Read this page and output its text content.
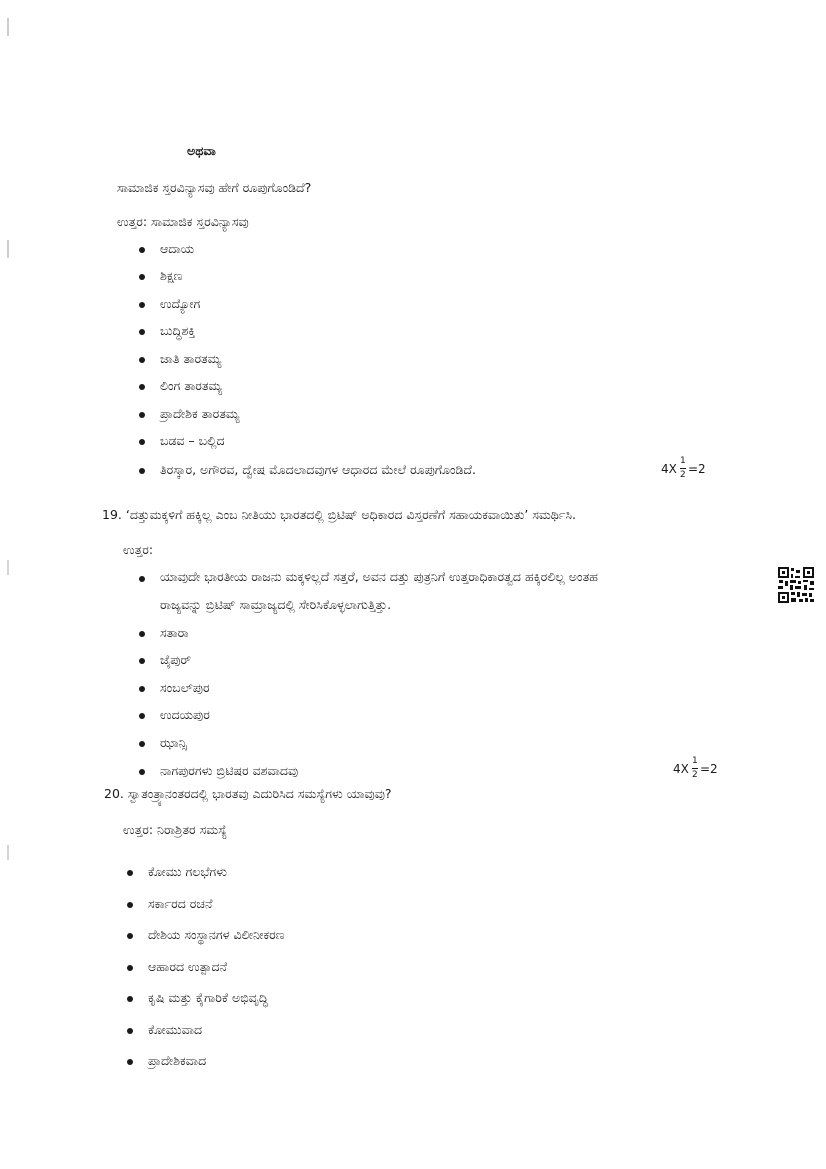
ಅಥವಾ
ಸಾಮಾಜಿಕ ಸ್ತರವಿನ್ಯಾಸವು ಹೇಗೆ ರೂಪುಗೊಂಡಿದೆ?
ಉತ್ತರ: ಸಾಮಾಜಿಕ ಸ್ತರವಿನ್ಯಾಸವು
ಆದಾಯ
ಶಿಕ್ಷಣ
ಉದ್ಯೋಗ
ಬುದ್ಧಿಶಕ್ತಿ
ಜಾತಿ ತಾರತಮ್ಯ
ಲಿಂಗ ತಾರತಮ್ಯ
ಪ್ರಾದೇಶಿಕ ತಾರತಮ್ಯ
ಬಡವ – ಬಲ್ಲಿದ
ತಿರಸ್ಕಾರ, ಅಗೌರವ, ದ್ವೇಷ ಮೊದಲಾದವುಗಳ ಆಧಾರದ ಮೇಲೆ ರೂಪುಗೊಂಡಿದೆ.	4X
1
2 =2
19. ‘ದತ್ತುಮಕ್ಕಳಿಗೆ ಹಕ್ಕಿಲ್ಲ ಎಂಬ ನೀತಿಯು ಭಾರತದಲ್ಲಿ ಬ್ರಿಟಿಷ್ ಅಧಿಕಾರದ ವಿಸ್ತರಣೆಗೆ ಸಹಾಯಕವಾಯಿತು’ ಸಮರ್ಥಿಸಿ.
ಉತ್ತರ:
ಯಾವುದೇ ಭಾರತೀಯ ರಾಜನು ಮಕ್ಕಳಿಲ್ಲದೆ ಸತ್ತರೆ, ಅವನ ದತ್ತು ಪುತ್ರನಿಗೆ ಉತ್ತರಾಧಿಕಾರತ್ವದ ಹಕ್ಕಿರಲಿಲ್ಲ ಅಂತಹ
ರಾಜ್ಯವನ್ನು ಬ್ರಿಟಿಷ್ ಸಾಮ್ರಾಜ್ಯದಲ್ಲಿ ಸೇರಿಸಿಕೊಳ್ಳಲಾಗುತ್ತಿತ್ತು.
ಸತಾರಾ
ಜೈಪುರ್
ಸಂಬಲ್‌ಪುರ
ಉದಯಪುರ
ಝಾನ್ಸಿ
ನಾಗಪುರಗಳು ಬ್ರಿಟಿಷರ ವಶವಾದವು	4X
1
2 =2
20. ಸ್ವಾತಂತ್ರ್ಯಾನಂತರದಲ್ಲಿ ಭಾರತವು ಎದುರಿಸಿದ ಸಮಸ್ಯೆಗಳು ಯಾವುವು?
ಉತ್ತರ: ನಿರಾಶ್ರಿತರ ಸಮಸ್ಯೆ
ಕೋಮು ಗಲಭೆಗಳು
ಸರ್ಕಾರದ ರಚನೆ
ದೇಶಿಯ ಸಂಸ್ಥಾನಗಳ ವಿಲೀನೀಕರಣ
ಆಹಾರದ ಉತ್ಪಾದನೆ
ಕೃಷಿ ಮತ್ತು ಕೈಗಾರಿಕೆ ಅಭಿವೃದ್ಧಿ
ಕೋಮುವಾದ
ಪ್ರಾದೇಶಿಕವಾದ
